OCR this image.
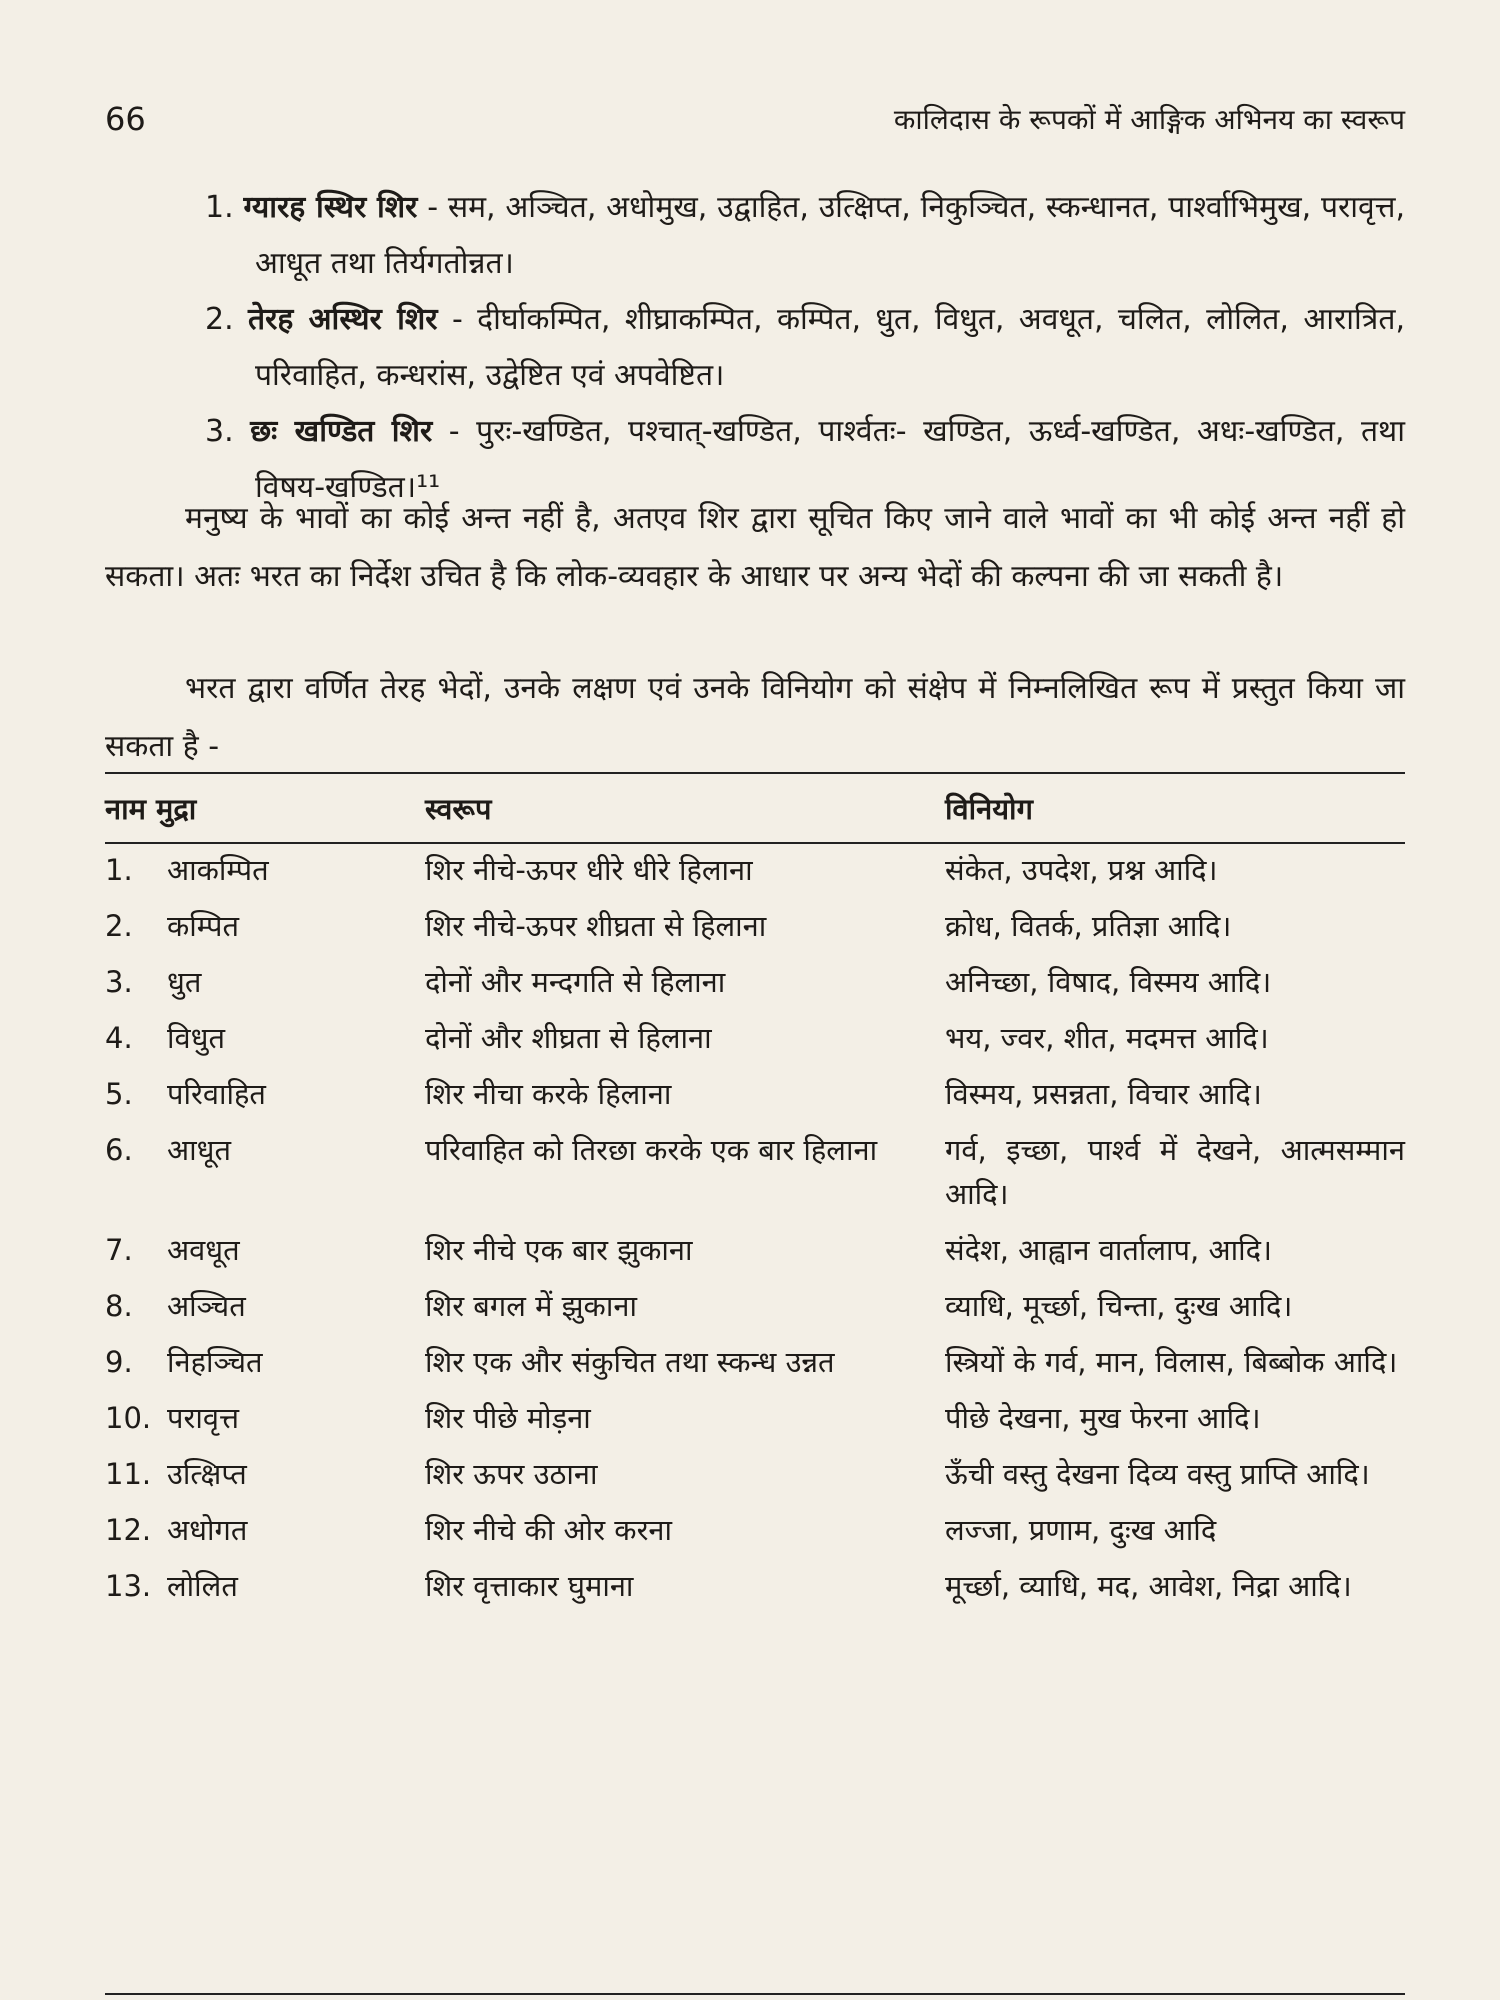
66	कालिदास के रूपकों में आङ्गिक अभिनय का स्वरूप

1. ग्यारह स्थिर शिर - सम, अञ्चित, अधोमुख, उद्वाहित, उत्क्षिप्त, निकुञ्चित, स्कन्धानत, पार्श्वाभिमुख, परावृत्त, आधूत तथा तिर्यगतोन्नत।

2. तेरह अस्थिर शिर - दीर्घाकम्पित, शीघ्राकम्पित, कम्पित, धुत, विधुत, अवधूत, चलित, लोलित, आरात्रित, परिवाहित, कन्धरांस, उद्वेष्टित एवं अपवेष्टित।

3. छः खण्डित शिर - पुरः-खण्डित, पश्चात्-खण्डित, पार्श्वतः- खण्डित, ऊर्ध्व-खण्डित, अधः-खण्डित, तथा विषय-खण्डित।¹¹

मनुष्य के भावों का कोई अन्त नहीं है, अतएव शिर द्वारा सूचित किए जाने वाले भावों का भी कोई अन्त नहीं हो सकता। अतः भरत का निर्देश उचित है कि लोक-व्यवहार के आधार पर अन्य भेदों की कल्पना की जा सकती है।

भरत द्वारा वर्णित तेरह भेदों, उनके लक्षण एवं उनके विनियोग को संक्षेप में निम्नलिखित रूप में प्रस्तुत किया जा सकता है -

नाम मुद्रा		स्वरूप	विनियोग
1.	आकम्पित	शिर नीचे-ऊपर धीरे धीरे हिलाना	संकेत, उपदेश, प्रश्न आदि।
2.	कम्पित	शिर नीचे-ऊपर शीघ्रता से हिलाना	क्रोध, वितर्क, प्रतिज्ञा आदि।
3.	धुत	दोनों और मन्दगति से हिलाना	अनिच्छा, विषाद, विस्मय आदि।
4.	विधुत	दोनों और शीघ्रता से हिलाना	भय, ज्वर, शीत, मदमत्त आदि।
5.	परिवाहित	शिर नीचा करके हिलाना	विस्मय, प्रसन्नता, विचार आदि।
6.	आधूत	परिवाहित को तिरछा करके एक बार हिलाना	गर्व, इच्छा, पार्श्व में देखने, आत्मसम्मान आदि।
7.	अवधूत	शिर नीचे एक बार झुकाना	संदेश, आह्वान वार्तालाप, आदि।
8.	अञ्चित	शिर बगल में झुकाना	व्याधि, मूर्च्छा, चिन्ता, दुःख आदि।
9.	निहञ्चित	शिर एक और संकुचित तथा स्कन्ध उन्नत	स्त्रियों के गर्व, मान, विलास, बिब्बोक आदि।
10.	परावृत्त	शिर पीछे मोड़ना	पीछे देखना, मुख फेरना आदि।
11.	उत्क्षिप्त	शिर ऊपर उठाना	ऊँची वस्तु देखना दिव्य वस्तु प्राप्ति आदि।
12.	अधोगत	शिर नीचे की ओर करना	लज्जा, प्रणाम, दुःख आदि
13.	लोलित	शिर वृत्ताकार घुमाना	मूर्च्छा, व्याधि, मद, आवेश, निद्रा आदि।
